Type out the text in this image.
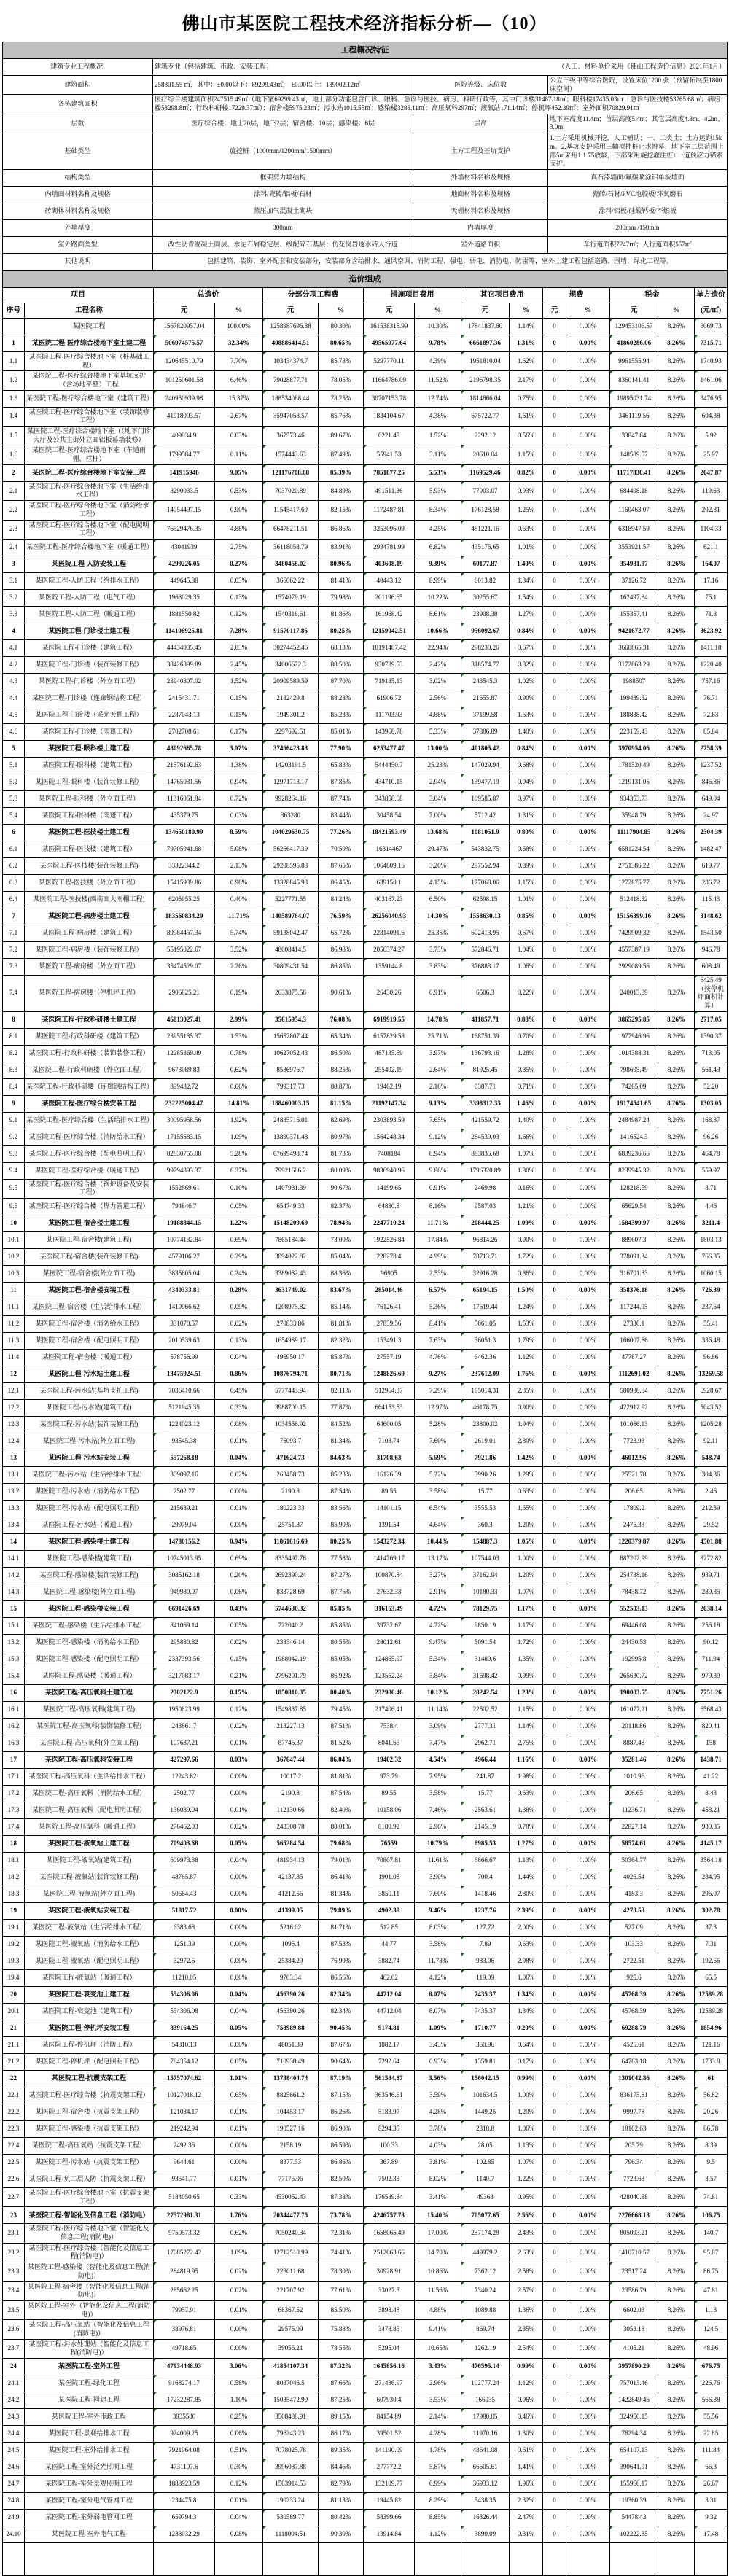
佛山市某医院工程技术经济指标分析—（10）
工程概况特征			
建筑专业工程概况:	建筑专业（包括建筑、市政、安装工程） （人工、材料单价采用《佛山工程造价信息》2021年1月）		

建筑面积	258301.55 ㎡，其中：±0.00以下：69299.43㎡， ±0.00以上：189002.12㎡	医院等级、床位数	公立三级甲等综合医院，设置床位1200 张（预留拓展至1800床空间）
各栋建筑面积	医疗综合楼建筑面积247515.49㎡（地下室69299.43㎡，地上部分功能包含门诊、眼科、急诊与医技、病房、科研行政等，其中门诊楼31487.18㎡；眼科楼17435.03㎡；急诊与医技楼53765.68㎡；病房楼58298.8㎡；行政科研楼17229.37㎡）；宿舍楼5975.23㎡；污水站1015.55㎡；感染楼3283.11㎡；高压氧科297㎡；液氧站171.14㎡；停机坪452.39㎡；室外面积70829.91㎡		
层数	医疗综合楼：地上20层，地下2层；宿舍楼：10层；感染楼：6层	层高	地下室高度11.4m；首层高度5.4m；其它层高度4.8m、4.2m、3.0m
基础类型	旋挖桩（1000mm/1200mm/1500mm）	土方工程及基坑支护	1.土方采用机械开挖，人工辅助；一、二类土；土方运距15km。2.基坑支护采用三轴搅拌桩止水帷幕，地下室二层范围上部5m采用1:1.75放坡，下部采用旋挖灌注桩+一道预应力锚索支护。
结构类型	框架剪力墙结构	外墙材料名称及规格	真石漆墙面/氟碳喷涂铝单板墙面
内墙面材料名称及规格	涂料/瓷砖/铝板/石材	地面材料名称及规格	瓷砖/石材/PVC地胶板/环氧磨石
砖砌体材料名称及规格	蒸压加气混凝土砌块	天棚材料名称及规格	涂料/铝板/硅酸钙板/不燃板
外墙厚度	300mm	内墙厚度	200mm /150mm
室外路面类型	改性沥青混凝土面层、水泥石屑稳定层、级配碎石基层；仿花岗岩透水砖人行道	室外道路面积	车行道面积7247㎡；人行道面积557㎡
其他说明	包括建筑、装饰、室外配套和安装部分，安装部分含给排水、通风空调、消防工程、强电、弱电、消防电、防雷等，室外土建工程包括道路、围墙、绿化工程等。		
造价组成														
项目		总造价		分部分项工程费		措施项目费用		其它项目费用		规费		税金		单方造价
序号	工程名称	元	%	元	%	元	%	元	%	元	%	元	%	(元/㎡)
	某医院工程	1567820957.04	100.00%	1258987696.88	80.30%	161538315.99	10.30%	17841837.60	1.14%	0	0.00%	129453106.57	8.26%	6069.73
1	某医院工程-医疗综合楼地下室土建工程	506974575.57	32.34%	408886414.51	80.65%	49565977.64	9.78%	6661897.36	1.31%	0	0.00%	41860286.06	8.26%	7315.71
1.1	某医院工程-医疗综合楼地下室（桩基础工程）	120645510.79	7.70%	103434374.7	85.73%	5297770.11	4.39%	1951810.04	1.62%	0	0.00%	9961555.94	8.26%	1740.93
1.2	某医院工程-医疗综合楼地下室基坑支护（含场地平整）工程	101250601.58	6.46%	79028877.71	78.05%	11664786.09	11.52%	2196798.35	2.17%	0	0.00%	8360141.41	8.26%	1461.06
1.3	某医院工程-医疗综合楼地下室（建筑工程）	240950939.98	15.37%	188534088.44	78.25%	30707153.78	12.74%	1814866.04	0.75%	0	0.00%	19895031.74	8.26%	3476.95
1.4	某医院工程-医疗综合楼地下室（装饰装修工程）	41918003.57	2.67%	35947058.57	85.76%	1834104.67	4.38%	675722.77	1.61%	0	0.00%	3461119.56	8.26%	604.88
1.5	某医院工程-医疗综合楼地下室（（地下门诊大厅及公共主街外立面铝板幕墙装修）	409934.9	0.03%	367573.46	89.67%	6221.48	1.52%	2292.12	0.56%	0	0.00%	33847.84	8.26%	5.92
1.6	某医院工程-医疗综合楼地下室（车道雨棚、栏杆）	1799584.77	0.11%	1574443.63	87.49%	55941.53	3.11%	20610.04	1.15%	0	0.00%	148589.57	8.26%	25.97
2	某医院工程-医疗综合楼地下室安装工程	141915946	9.05%	121176708.88	85.39%	7851877.25	5.53%	1169529.46	0.82%	0	0.00%	11717830.41	8.26%	2047.87
2.1	某医院工程-医疗综合楼地下室（生活给排水工程）	8290033.5	0.53%	7037020.89	84.89%	491511.36	5.93%	77003.07	0.93%	0	0.00%	684498.18	8.26%	119.63
2.2	某医院工程-医疗综合楼地下室（消防给水工程）	14054497.15	0.90%	11545417.69	82.15%	1172487.81	8.34%	176128.58	1.25%	0	0.00%	1160463.07	8.26%	202.81
2.3	某医院工程-医疗综合楼地下室（配电照明工程）	76529476.35	4.88%	66478211.51	86.86%	3253096.09	4.25%	481221.16	0.63%	0	0.00%	6318947.59	8.26%	1104.33
2.4	某医院工程-医疗综合楼地下室（暖通工程）	43041939	2.75%	36118058.79	83.91%	2934781.99	6.82%	435176.65	1.01%	0	0.00%	3553921.57	8.26%	621.1
3	某医院工程-人防安装工程	4299226.05	0.27%	3480458.02	80.96%	403608.19	9.39%	60177.87	1.40%	0	0.00%	354981.97	8.26%	164.07
3.1	某医院工程-人防工程（给排水工程）	449645.88	0.03%	366062.22	81.41%	40443.12	8.99%	6013.82	1.34%	0	0.00%	37126.72	8.26%	17.16
3.2	某医院工程-人防工程（电气工程）	1968029.35	0.13%	1574079.19	79.98%	201196.65	10.22%	30255.67	1.54%	0	0.00%	162497.84	8.26%	75.1
3.3	某医院工程-人防工程（暖通工程）	1881550.82	0.12%	1540316.61	81.86%	161968.42	8.61%	23908.38	1.27%	0	0.00%	155357.41	8.26%	71.8
4	某医院工程-门诊楼土建工程	114106925.81	7.28%	91570117.86	80.25%	12159042.51	10.66%	956092.67	0.84%	0	0.00%	9421672.77	8.26%	3623.92
4.1	某医院工程-门诊楼（建筑工程）	44434035.45	2.83%	30274452.46	68.13%	10191487.42	22.94%	298230.26	0.67%	0	0.00%	3668865.31	8.26%	1411.18
4.2	某医院工程-门诊楼（装饰装修工程）	38426899.89	2.45%	34006672.3	88.50%	930789.53	2.42%	318574.77	0.82%	0	0.00%	3172863.29	8.26%	1220.40
4.3	某医院工程-门诊楼（外立面工程）	23940807.02	1.52%	20909589.59	87.70%	719185.13	3.02%	243545.3	1.02%	0	0.00%	1988507	8.26%	757.16
4.4	某医院工程-门诊楼（连廊钢结构工程）	2415431.71	0.15%	2132429.8	88.28%	61906.72	2.56%	21655.87	0.90%	0	0.00%	199439.32	8.26%	76.71
4.5	某医院工程-门诊楼（采光天棚工程）	2287043.13	0.15%	1949301.2	85.23%	111703.93	4.88%	37199.58	1.63%	0	0.00%	188838.42	8.26%	72.63
4.6	某医院工程-门诊楼（雨篷工程）	2702708.61	0.17%	2297692.51	85.01%	143968.78	5.33%	37886.89	1.40%	0	0.00%	223159.43	8.26%	85.84
5	某医院工程-眼科楼土建工程	48092665.78	3.07%	37466428.83	77.90%	6253477.47	13.00%	401805.42	0.84%	0	0.00%	3970954.06	8.26%	2758.39
5.1	某医院工程-眼科楼（建筑工程）	21576192.63	1.38%	14203191.5	65.83%	5444450.7	25.23%	147029.94	0.68%	0	0.00%	1781520.49	8.26%	1237.52
5.2	某医院工程-眼科楼（装饰装修工程）	14765031.56	0.94%	12971713.17	87.85%	434710.15	2.94%	139477.19	0.94%	0	0.00%	1219131.05	8.26%	846.86
5.3	某医院工程-眼科楼（外立面工程）	11316061.84	0.72%	9928264.16	87.74%	343858.08	3.04%	109585.87	0.97%	0	0.00%	934353.73	8.26%	649.04
5.4	某医院工程-眼科楼（雨篷工程）	435379.75	0.03%	363280	83.44%	30458.54	7.00%	5712.42	1.31%	0	0.00%	35948.79	8.26%	24.97
6	某医院工程-医技楼土建工程	134650180.99	8.59%	104029630.75	77.26%	18421593.49	13.68%	1081051.9	0.80%	0	0.00%	11117904.85	8.26%	2504.39
6.1	某医院工程-医技楼（建筑工程）	79705941.68	5.08%	56266417.39	70.59%	16314467	20.47%	543832.75	0.68%	0	0.00%	6581224.54	8.26%	1482.47
6.2	某医院工程-医技楼(装饰装修工程)	33322344.2	2.13%	29208595.88	87.65%	1064809.16	3.20%	297552.94	0.89%	0	0.00%	2751386.22	8.26%	619.77
6.3	某医院工程-医技楼（外立面工程）	15415939.86	0.98%	13328845.93	86.45%	639150.1	4.15%	177068.06	1.15%	0	0.00%	1272875.77	8.26%	286.72
6.4	某医院工程-医技楼(西南面大雨棚工程)	6205955.25	0.40%	5227771.55	84.24%	403167.23	6.50%	62598.15	1.01%	0	0.00%	512418.32	8.26%	115.43
7	某医院工程-病房楼土建工程	183560834.29	11.71%	140589764.07	76.59%	26256040.93	14.30%	1558630.13	0.85%	0	0.00%	15156399.16	8.26%	3148.62
7.1	某医院工程-病房楼（建筑工程）	89984457.34	5.74%	59138042.47	65.72%	22814091.6	25.35%	602413.95	0.67%	0	0.00%	7429909.32	8.26%	1543.50
7.2	某医院工程-病房楼（装饰装修工程）	55195022.67	3.52%	48008414.5	86.98%	2056374.27	3.73%	572846.71	1.04%	0	0.00%	4557387.19	8.26%	946.78
7.3	某医院工程-病房楼（外立面工程）	35474529.07	2.26%	30809431.54	86.85%	1359144.8	3.83%	376883.17	1.06%	0	0.00%	2929089.56	8.26%	608.49
7.4	某医院工程-病房楼（停机坪工程）	2906825.21	0.19%	2633875.56	90.61%	26430.26	0.91%	6506.3	0.22%	0	0.00%	240013.09	8.26%	6425.49（按停机坪面积计算）
8	某医院工程-行政科研楼土建工程	46813027.41	2.99%	35615954.3	76.08%	6919919.55	14.78%	411857.71	0.88%	0	0.00%	3865295.85	8.26%	2717.05
8.1	某医院工程-行政科研楼（建筑工程）	23955135.37	1.53%	15652807.44	65.34%	6157829.58	25.71%	168751.39	0.70%	0	0.00%	1977946.96	8.26%	1390.37
8.2	某医院工程-行政科研楼（装饰装修工程）	12285369.49	0.78%	10627052.43	86.50%	487135.59	3.97%	156793.16	1.28%	0	0.00%	1014388.31	8.26%	713.05
8.3	某医院工程-行政科研楼（外立面工程）	9673089.83	0.62%	8536976.7	88.25%	255492.19	2.64%	81925.45	0.85%	0	0.00%	798695.49	8.26%	561.43
8.4	某医院工程-行政科研楼（连廊钢结构工程）	899432.72	0.06%	799317.73	88.87%	19462.19	2.16%	6387.71	0.71%	0	0.00%	74265.09	8.26%	52.20
9	某医院工程-医疗综合楼安装工程	232225004.47	14.81%	188460003.15	81.15%	21192147.34	9.13%	3398312.33	1.46%	0	0.00%	19174541.65	8.26%	1303.05
9.1	某医院工程-医疗综合楼（生活给排水工程）	30095958.56	1.92%	24885716.01	82.69%	2303893.59	7.65%	421559.72	1.40%	0	0.00%	2484987.24	8.26%	168.87
9.2	某医院工程-医疗综合楼（消防给水工程）	17155683.15	1.09%	13890371.48	80.97%	1564248.34	9.12%	284539.03	1.66%	0	0.00%	1416524.3	8.26%	96.26
9.3	某医院工程-医疗综合楼（配电照明工程）	82830755.08	5.28%	67699498.74	81.73%	7408184	8.94%	883835.68	1.07%	0	0.00%	6839236.66	8.26%	464.78
9.4	某医院工程-医疗综合楼（暖通工程）	99794893.37	6.37%	79921686.2	80.09%	9836940.96	9.86%	1796320.89	1.80%	0	0.00%	8239945.32	8.26%	559.97
9.5	某医院工程-医疗综合楼（锅炉设备及安装工程）	1552869.61	0.10%	1407981.39	90.67%	14199.65	0.91%	2469.98	0.16%	0	0.00%	128218.59	8.26%	8.71
9.6	某医院工程-医疗综合楼（热力管道工程）	794846.7	0.05%	654749.33	82.37%	64880.8	8.16%	9587.03	1.21%	0	0.00%	65629.54	8.26%	4.46
10	某医院工程-宿舍楼土建工程	19188844.15	1.22%	15148209.69	78.94%	2247710.24	11.71%	208444.25	1.09%	0	0.00%	1584399.97	8.26%	3211.4
10.1	某医院工程-宿舍楼(建筑工程)	10774132.84	0.69%	7865184.44	73.00%	1922526.84	17.84%	96814.26	0.90%	0	0.00%	889607.3	8.26%	1803.13
10.2	某医院工程-宿舍楼(装饰装修工程)	4579106.27	0.29%	3894022.82	85.04%	228278.4	4.99%	78713.71	1.72%	0	0.00%	378091.34	8.26%	766.35
10.3	某医院工程-宿舍楼(外立面工程)	3835605.04	0.24%	3389082.43	88.36%	96905	2.53%	32916.28	0.86%	0	0.00%	316701.33	8.26%	1060.15
11	某医院工程-宿舍楼安装工程	4340333.81	0.28%	3631749.02	83.67%	285014.46	6.57%	65194.15	1.50%	0	0.00%	358376.18	8.26%	726.39
11.1	某医院工程-宿舍楼（生活给排水工程）	1419966.62	0.09%	1208975.82	85.14%	76126.41	5.36%	17619.44	1.24%	0	0.00%	117244.95	8.26%	237.64
11.2	某医院工程-宿舍楼（消防给水工程）	331070.57	0.02%	270833.86	81.81%	27839.56	8.41%	5061.05	1.53%	0	0.00%	27336.1	8.26%	55.41
11.3	某医院工程-宿舍楼（配电照明工程）	2010539.63	0.13%	1654989.17	82.32%	153491.3	7.63%	36051.3	1.79%	0	0.00%	166007.86	8.26%	336.48
11.4	某医院工程-宿舍楼（暖通工程）	578756.99	0.04%	496950.17	85.87%	27557.19	4.76%	6462.36	1.12%	0	0.00%	47787.27	8.26%	96.86
12	某医院工程-污水站土建工程	13475924.51	0.86%	10876794.71	80.71%	1248826.69	9.27%	237612.09	1.76%	0	0.00%	1112691.02	8.26%	13269.58
12.1	某医院工程-污水站(基坑支护工程)	7036410.66	0.45%	5777443.94	82.11%	512964.37	7.29%	165014.31	2.35%	0	0.00%	580988.04	8.26%	6928.67
12.2	某医院工程-污水站(建筑工程)	5121945.35	0.33%	3988700.15	77.87%	664153.53	12.97%	46178.75	0.90%	0	0.00%	422912.92	8.26%	5043.52
12.3	某医院工程-污水站(装饰装修工程)	1224023.12	0.08%	1034556.92	84.52%	64600.05	5.28%	23800.02	1.94%	0	0.00%	101066.13	8.26%	1205.28
12.4	某医院工程-污水站(外立面工程)	93545.38	0.01%	76093.7	81.34%	7108.74	7.60%	2619.01	2.80%	0	0.00%	7723.93	8.26%	92.11
13	某医院工程-污水站安装工程	557268.18	0.04%	471624.73	84.63%	31708.63	5.69%	7921.86	1.42%	0	0.00%	46012.96	8.26%	548.74
13.1	某医院工程-污水站（生活给排水工程）	309097.16	0.02%	263458.73	85.23%	16126.39	5.22%	3990.26	1.29%	0	0.00%	25521.78	8.26%	304.36
13.2	某医院工程-污水站（消防给水工程）	2502.77	0.00%	2190.8	87.54%	89.55	3.58%	15.77	0.63%	0	0.00%	206.65	8.26%	2.46
13.3	某医院工程-污水站（配电照明工程）	215689.21	0.01%	180223.33	83.56%	14101.15	6.54%	3555.53	1.65%	0	0.00%	17809.2	8.26%	212.39
13.4	某医院工程-污水站（暖通工程）	29979.04	0.00%	25751.87	85.90%	1391.54	4.64%	360.3	1.20%	0	0.00%	2475.33	8.26%	29.52
14	某医院工程-感染楼土建工程	14780156.2	0.94%	11861616.69	80.25%	1543272.34	10.44%	154887.3	1.05%	0	0.00%	1220379.87	8.26%	4501.88
14.1	某医院工程-感染楼(建筑工程)	10745013.95	0.69%	8335497.76	77.58%	1414769.17	13.17%	107544.03	1.00%	0	0.00%	887202.99	8.26%	3272.82
14.2	某医院工程-感染楼(装饰装修工程)	3085162.18	0.20%	2692390.24	87.27%	100870.84	3.27%	37162.94	1.20%	0	0.00%	254738.16	8.26%	939.71
14.3	某医院工程-感染楼(外立面工程)	949980.07	0.06%	833728.69	87.76%	27632.33	2.91%	10180.33	1.07%	0	0.00%	78438.72	8.26%	289.35
15	某医院工程-感染楼安装工程	6691426.69	0.43%	5744630.32	85.85%	316163.49	4.72%	78129.75	1.17%	0	0.00%	552503.13	8.26%	2038.14
15.1	某医院工程-感染楼（生活给排水工程）	841069.14	0.05%	722040.2	85.85%	39732.67	4.72%	9850.19	1.17%	0	0.00%	69446.08	8.26%	256.18
15.2	某医院工程-感染楼（消防给水工程）	295880.82	0.02%	238346.14	80.55%	28012.61	9.47%	5091.54	1.72%	0	0.00%	24430.53	8.26%	90.12
15.3	某医院工程-感染楼（配电照明工程）	2337393.56	0.15%	1988042.19	85.05%	124865.97	5.34%	31489.6	1.35%	0	0.00%	192995.8	8.26%	711.94
15.4	某医院工程-感染楼（暖通工程）	3217083.17	0.21%	2796201.79	86.92%	123552.24	3.84%	31698.42	0.99%	0	0.00%	265630.72	8.26%	979.89
16	某医院工程-高压氧科土建工程	2302122.9	0.15%	1850810.35	80.40%	232986.46	10.12%	28242.54	1.23%	0	0.00%	190083.55	8.26%	7751.26
16.1	某医院工程-高压氧科(建筑工程)	1950823.99	0.12%	1549837.85	79.45%	217406.41	11.14%	22502.52	1.15%	0	0.00%	161077.21	8.26%	6568.43
16.2	某医院工程-高压氧科(装饰装修工程)	243661.7	0.02%	213227.13	87.51%	7538.4	3.09%	2777.31	1.14%	0	0.00%	20118.86	8.26%	820.41
16.3	某医院工程-高压氧科(外立面工程)	107637.21	0.01%	87745.37	81.52%	8041.65	7.47%	2962.71	2.75%	0	0.00%	8887.48	8.26%	158
17	某医院工程-高压氧科安装工程	427297.66	0.03%	367647.44	86.04%	19402.32	4.54%	4966.44	1.16%	0	0.00%	35281.46	8.26%	1438.71
17.1	某医院工程-高压氧科（生活给排水工程）	12243.82	0.00%	10017.2	81.81%	973.79	7.95%	241.87	1.98%	0	0.00%	1010.96	8.26%	41.22
17.2	某医院工程-高压氧科（消防给水工程）	2502.77	0.00%	2190.8	87.54%	89.55	3.58%	15.77	0.63%	0	0.00%	206.65	8.26%	8.43
17.3	某医院工程-高压氧科（配电照明工程）	136089.04	0.01%	112130.66	82.40%	10158.06	7.46%	2563.61	1.88%	0	0.00%	11236.71	8.26%	458.21
17.4	某医院工程-高压氧科（暖通工程）	276462.03	0.02%	243308.78	88.01%	8180.92	2.96%	2145.19	0.78%	0	0.00%	22827.14	8.26%	930.85
18	某医院工程-液氧站土建工程	709403.68	0.05%	565284.54	79.68%	76559	10.79%	8985.53	1.27%	0	0.00%	58574.61	8.26%	4145.17
18.1	某医院工程-液氧站(建筑工程)	609973.38	0.04%	481934.13	79.01%	70807.81	11.61%	6866.67	1.13%	0	0.00%	50364.77	8.26%	3564.18
18.2	某医院工程-液氧站(装饰装修工程)	48765.87	0.00%	42137.85	86.41%	1901.08	3.90%	700.4	1.44%	0	0.00%	4026.54	8.26%	284.95
18.3	某医院工程-液氧站(外立面工程)	50664.43	0.00%	41212.56	81.34%	3850.11	7.60%	1418.46	2.80%	0	0.00%	4183.3	8.26%	296.07
19	某医院工程-液氧站安装工程	51817.72	0.00%	41399.05	79.89%	4902.38	9.46%	1237.76	2.39%	0	0.00%	4278.53	8.26%	302.78
19.1	某医院工程-液氧站（生活给排水工程）	6383.68	0.00%	5216.02	81.71%	512.85	8.03%	127.72	2.00%	0	0.00%	527.09	8.26%	37.3
19.2	某医院工程-液氧站（消防给水工程）	1251.39	0.00%	1095.4	87.53%	44.77	3.58%	7.89	0.63%	0	0.00%	103.33	8.26%	7.31
19.3	某医院工程-液氧站（配电照明工程）	32972.6	0.00%	25384.29	76.99%	3882.74	11.78%	983.06	2.98%	0	0.00%	2722.51	8.26%	192.66
19.4	某医院工程-液氧站（暖通工程）	11210.05	0.00%	9703.34	86.56%	462.02	4.12%	119.09	1.06%	0	0.00%	925.6	8.26%	65.5
20	某医院工程-衰变池土建工程	554306.06	0.04%	456390.26	82.34%	44712.04	8.07%	7435.37	1.34%	0	0.00%	45768.39	8.26%	12589.28
20.1	某医院工程-衰变池（建筑工程）	554306.08	0.04%	456390.26	82.34%	44712.04	8.07%	7435.37	1.34%	0	0.00%	45768.39	8.26%	12589.28
21	某医院工程-停机坪安装工程	839164.25	0.05%	758989.88	90.45%	9174.81	1.09%	1710.77	0.20%	0	0.00%	69288.79	8.26%	1854.96
21.1	某医院工程-停机坪（消防工程）	54810.13	0.00%	48051.39	87.67%	1882.17	3.43%	350.96	0.64%	0	0.00%	4525.61	8.26%	121.16
21.2	某医院工程-停机坪（配电照明工程）	784354.12	0.05%	710938.49	90.64%	7292.64	0.93%	1359.81	0.17%	0	0.00%	64763.18	8.26%	1733.8
22	某医院工程-抗震支架工程	15757074.62	1.01%	13738404.74	87.19%	561584.87	3.56%	156042.15	0.99%	0	0.00%	1301042.86	8.26%	61
22.1	某医院工程-医疗综合楼（抗震支架工程）	10127018.12	0.65%	8825661.2	87.15%	363546.61	3.59%	101634.5	1.00%	0	0.00%	836175.81	8.26%	56.82
22.2	某医院工程-宿舍楼（抗震支架工程）	121084.17	0.01%	104453.17	86.26%	5183.97	4.28%	1449.25	1.20%	0	0.00%	9997.78	8.26%	20.26
22.3	某医院工程-感染楼（抗震支架工程）	219242.94	0.01%	190527.16	86.90%	8294.35	3.78%	2318.8	1.06%	0	0.00%	18102.63	8.26%	66.78
22.4	某医院工程-高压氧站（抗震支架工程）	2492.36	0.00%	2158.19	86.59%	100.33	4.03%	28.05	1.13%	0	0.00%	205.79	8.26%	8.39
22.5	某医院工程-污水站（抗震支架工程）	9644.61	0.00%	8377.53	86.86%	367.89	3.81%	102.85	1.07%	0	0.00%	796.34	8.26%	9.5
22.6	某医院工程-负二层人防（抗震支架工程）	93541.77	0.01%	77175.06	82.50%	7502.38	8.02%	1140.7	1.22%	0	0.00%	7723.63	8.26%	3.57
22.7	某医院工程-医疗综合楼地下室（抗震支架工程）	5184050.65	0.33%	4530052.43	87.38%	176589.34	3.41%	49368	0.95%	0	0.00%	428040.88	8.26%	74.81
23	某医院工程-智能化及信息工程（消防电）	27572981.31	1.76%	20344477.75	73.78%	4246757.73	15.40%	705077.65	2.56%	0	0.00%	2276668.18	8.26%	106.75
23.1	某医院工程-医疗综合楼地下室（智能化及信息工程(消防电)）	9750573.32	0.62%	7050240.34	72.31%	1658065.49	17.00%	237174.28	2.43%	0	0.00%	805093.21	8.26%	140.7
23.2	某医院工程-医疗综合楼（智能化及信息工程(消防电)）	17085272.42	1.09%	12712518.99	74.41%	2512063.66	14.70%	449979.2	2.63%	0	0.00%	1410710.57	8.26%	95.87
23.3	某医院工程-感染楼（智能化及信息工程(消防电)）	284819.95	0.02%	223011.68	78.30%	30928.91	10.86%	7362.12	2.58%	0	0.00%	23517.24	8.26%	86.75
23.4	某医院工程-宿舍楼（智能化及信息工程(消防电)）	285662.25	0.02%	221707.92	77.61%	33027.3	11.56%	7340.24	2.57%	0	0.00%	23586.79	8.26%	47.81
23.5	某医院工程-室外（智能化及信息工程(消防电)）	79957.91	0.01%	68367.52	85.50%	3898.48	4.88%	1089.88	1.36%	0	0.00%	6602.03	8.26%	1.13
23.6	某医院工程-高压氧站（智能化及信息工程(消防电)）	38976.81	0.00%	29575.09	75.88%	3478.85	9.41%	869.74	2.35%	0	0.00%	3053.13	8.26%	124.5
23.7	某医院工程-污水处理站（智能化及信息工程(消防电)）	49718.65	0.00%	39056.21	78.55%	5295.04	10.65%	1262.19	2.54%	0	0.00%	4105.21	8.26%	48.96
24	某医院工程-室外工程	47934448.93	3.06%	41854107.34	87.32%	1645856.16	3.43%	476595.14	0.99%	0	0.00%	3957890.29	8.26%	676.75
24.1	某医院工程-绿化工程	9168274.17	0.58%	8037046.5	87.66%	271436.97	2.96%	102777.24	1.12%	0	0.00%	757013.46	8.26%	226.76
24.2	某医院工程-园建工程	17232287.85	1.10%	15035472.99	87.25%	607930.4	3.53%	166035	0.96%	0	0.00%	1422849.46	8.26%	566.88
24.3	某医院工程-室外市政工程	3935580	0.25%	3508488.91	89.15%	84154.89	2.14%	17980.05	0.46%	0	0.00%	324956.15	8.26%	55.56
24.4	某医院工程-景观给排水工程	924009.25	0.06%	796243.23	86.17%	39501.52	4.28%	11970.16	1.30%	0	0.00%	76294.34	8.26%	22.85
24.5	某医院工程-室外给排水工程	7921964.08	0.51%	7078025.78	89.35%	141190.09	1.78%	48641.08	0.61%	0	0.00%	654107.13	8.26%	111.84
24.6	某医院工程-室外泛光照明工程	4731107.6	0.30%	3996087.88	84.46%	277772.2	5.87%	66605.61	1.41%	0	0.00%	390641.91	8.26%	66.8
24.7	某医院工程-室外景观照明工程	1888923.59	0.12%	1563914.53	82.79%	132109.77	6.99%	36933.12	1.96%	0	0.00%	155966.17	8.26%	26.67
24.8	某医院工程-室外电气管网工程	234475.8	0.01%	190233.24	81.13%	19445.82	8.29%	5438.35	2.32%	0	0.00%	19360.39	8.26%	3.31
24.9	某医院工程-室外弱电管网工程	659794.3	0.04%	530589.77	80.42%	58399.66	8.85%	16326.44	2.47%	0	0.00%	54478.43	8.26%	9.32
24.10	某医院工程-室外电气工程	1238032.29	0.08%	1118004.51	90.30%	13914.84	1.12%	3890.09	0.31%	0	0.00%	102222.85	8.26%	17.48
